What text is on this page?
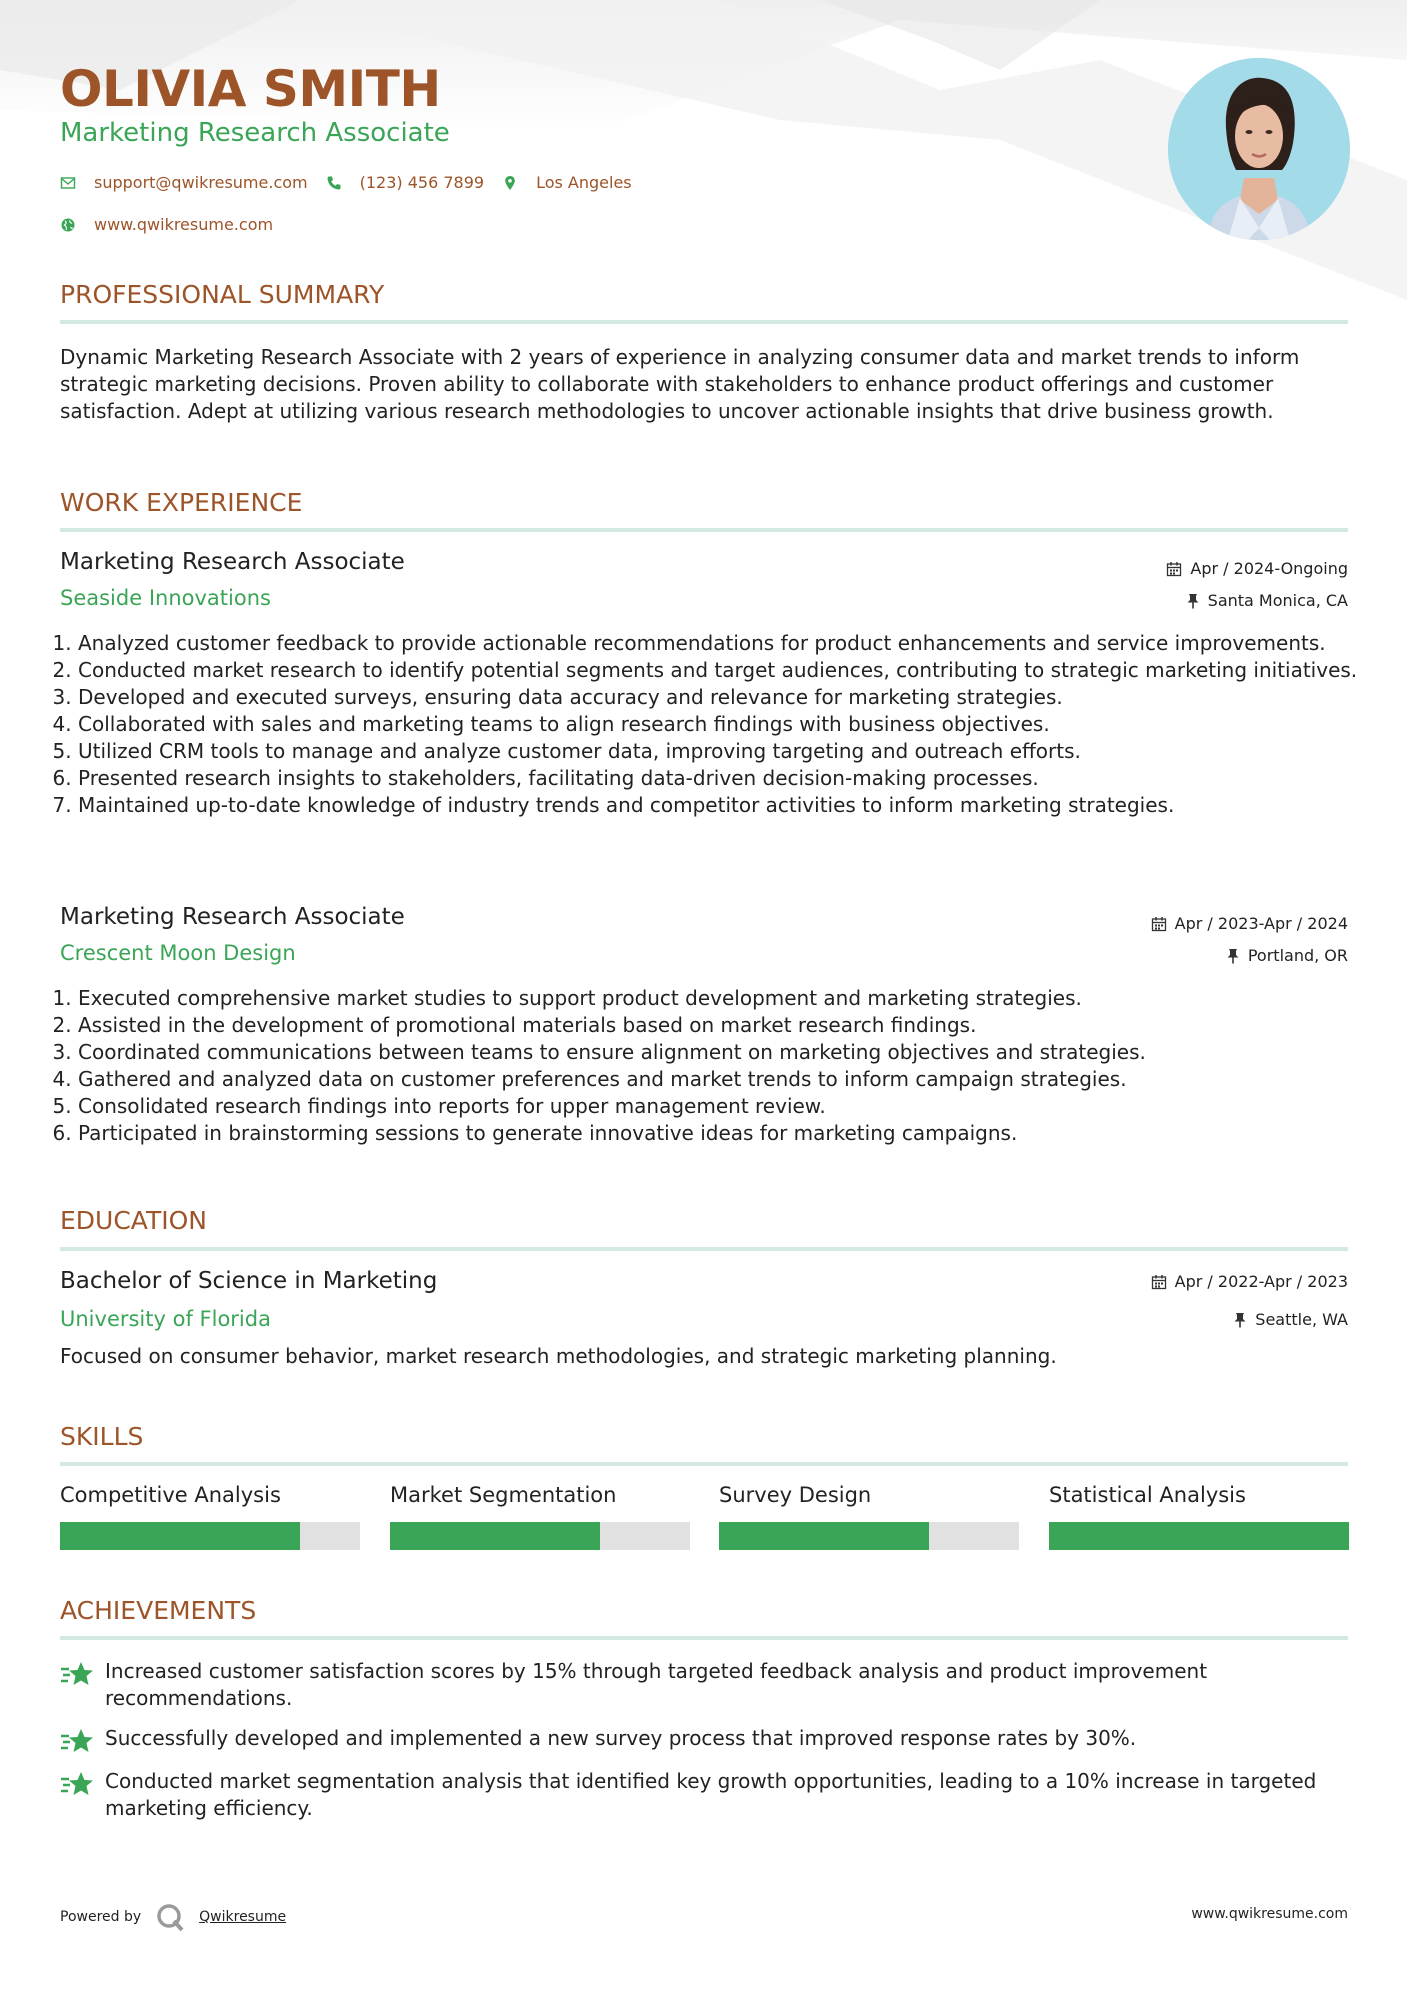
OLIVIA SMITH
Marketing Research Associate
support@qwikresume.com	(123) 456 7899	Los Angeles
www.qwikresume.com
PROFESSIONAL SUMMARY
Dynamic Marketing Research Associate with 2 years of experience in analyzing consumer data and market trends to inform strategic marketing decisions. Proven ability to collaborate with stakeholders to enhance product offerings and customer satisfaction. Adept at utilizing various research methodologies to uncover actionable insights that drive business growth.
WORK EXPERIENCE
Marketing Research Associate	Apr / 2024-Ongoing
Seaside Innovations	Santa Monica, CA
1. Analyzed customer feedback to provide actionable recommendations for product enhancements and service improvements.
2. Conducted market research to identify potential segments and target audiences, contributing to strategic marketing initiatives.
3. Developed and executed surveys, ensuring data accuracy and relevance for marketing strategies.
4. Collaborated with sales and marketing teams to align research findings with business objectives.
5. Utilized CRM tools to manage and analyze customer data, improving targeting and outreach efforts.
6. Presented research insights to stakeholders, facilitating data-driven decision-making processes.
7. Maintained up-to-date knowledge of industry trends and competitor activities to inform marketing strategies.
Marketing Research Associate	Apr / 2023-Apr / 2024
Crescent Moon Design	Portland, OR
1. Executed comprehensive market studies to support product development and marketing strategies.
2. Assisted in the development of promotional materials based on market research findings.
3. Coordinated communications between teams to ensure alignment on marketing objectives and strategies.
4. Gathered and analyzed data on customer preferences and market trends to inform campaign strategies.
5. Consolidated research findings into reports for upper management review.
6. Participated in brainstorming sessions to generate innovative ideas for marketing campaigns.
EDUCATION
Bachelor of Science in Marketing	Apr / 2022-Apr / 2023
University of Florida	Seattle, WA
Focused on consumer behavior, market research methodologies, and strategic marketing planning.
SKILLS
Competitive Analysis	Market Segmentation	Survey Design	Statistical Analysis
ACHIEVEMENTS
Increased customer satisfaction scores by 15% through targeted feedback analysis and product improvement recommendations.
Successfully developed and implemented a new survey process that improved response rates by 30%.
Conducted market segmentation analysis that identified key growth opportunities, leading to a 10% increase in targeted marketing efficiency.
Powered by	Qwikresume	www.qwikresume.com
